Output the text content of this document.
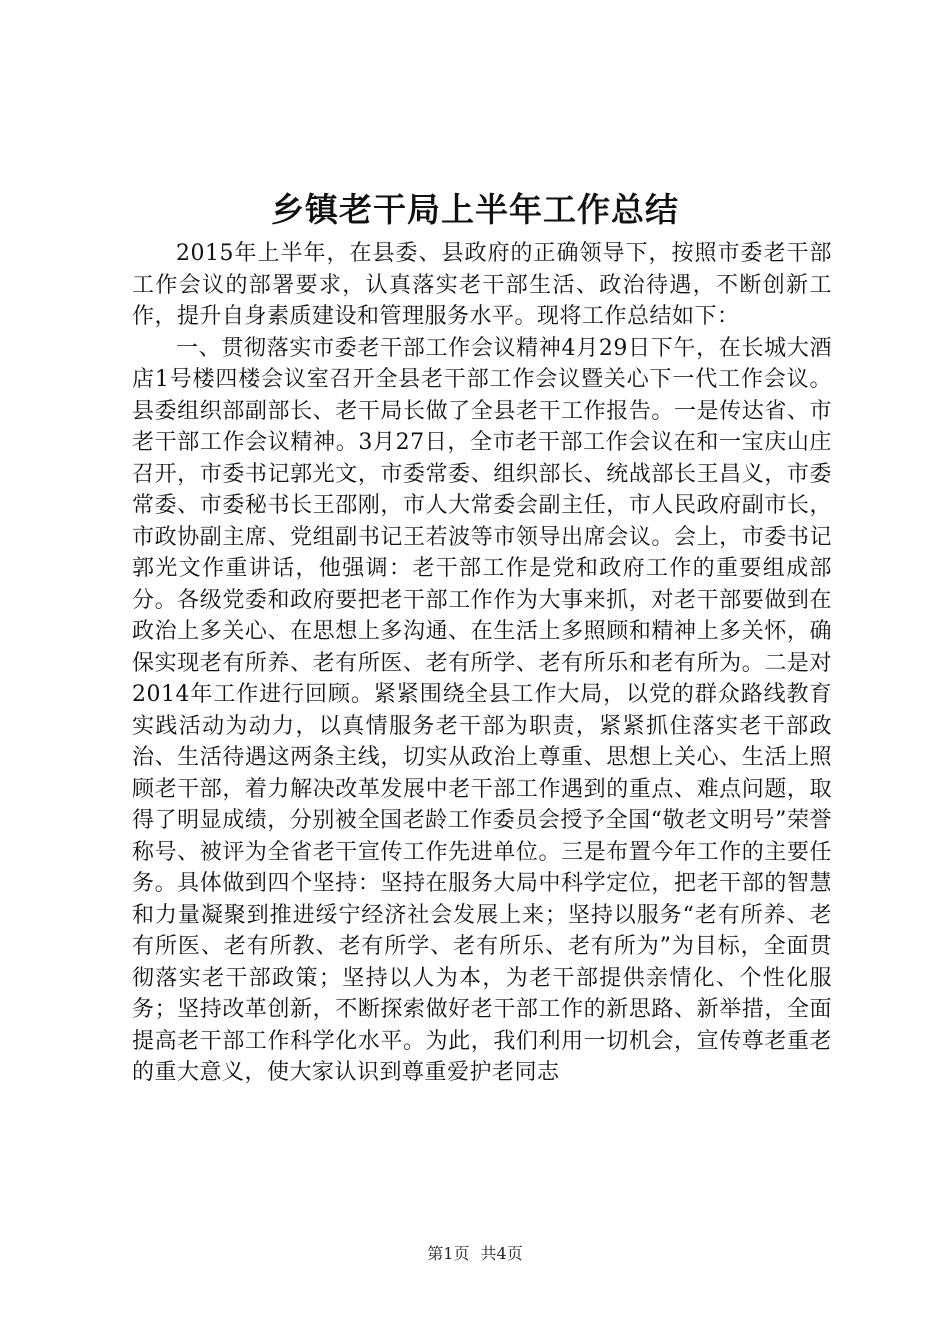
乡镇老干局上半年工作总结

2015年上半年，在县委、县政府的正确领导下，按照市委老干部工作会议的部署要求，认真落实老干部生活、政治待遇，不断创新工作，提升自身素质建设和管理服务水平。现将工作总结如下：

一、贯彻落实市委老干部工作会议精神4月29日下午，在长城大酒店1号楼四楼会议室召开全县老干部工作会议暨关心下一代工作会议。县委组织部副部长、老干局长做了全县老干工作报告。一是传达省、市老干部工作会议精神。3月27日，全市老干部工作会议在和一宝庆山庄召开，市委书记郭光文，市委常委、组织部长、统战部长王昌义，市委常委、市委秘书长王邵刚，市人大常委会副主任，市人民政府副市长，市政协副主席、党组副书记王若波等市领导出席会议。会上，市委书记郭光文作重讲话，他强调：老干部工作是党和政府工作的重要组成部分。各级党委和政府要把老干部工作作为大事来抓，对老干部要做到在政治上多关心、在思想上多沟通、在生活上多照顾和精神上多关怀，确保实现老有所养、老有所医、老有所学、老有所乐和老有所为。二是对2014年工作进行回顾。紧紧围绕全县工作大局，以党的群众路线教育实践活动为动力，以真情服务老干部为职责，紧紧抓住落实老干部政治、生活待遇这两条主线，切实从政治上尊重、思想上关心、生活上照顾老干部，着力解决改革发展中老干部工作遇到的重点、难点问题，取得了明显成绩，分别被全国老龄工作委员会授予全国“敬老文明号”荣誉称号、被评为全省老干宣传工作先进单位。三是布置今年工作的主要任务。具体做到四个坚持：坚持在服务大局中科学定位，把老干部的智慧和力量凝聚到推进绥宁经济社会发展上来；坚持以服务“老有所养、老有所医、老有所教、老有所学、老有所乐、老有所为”为目标，全面贯彻落实老干部政策；坚持以人为本，为老干部提供亲情化、个性化服务；坚持改革创新，不断探索做好老干部工作的新思路、新举措，全面提高老干部工作科学化水平。为此，我们利用一切机会，宣传尊老重老的重大意义，使大家认识到尊重爱护老同志

第1页 共4页
